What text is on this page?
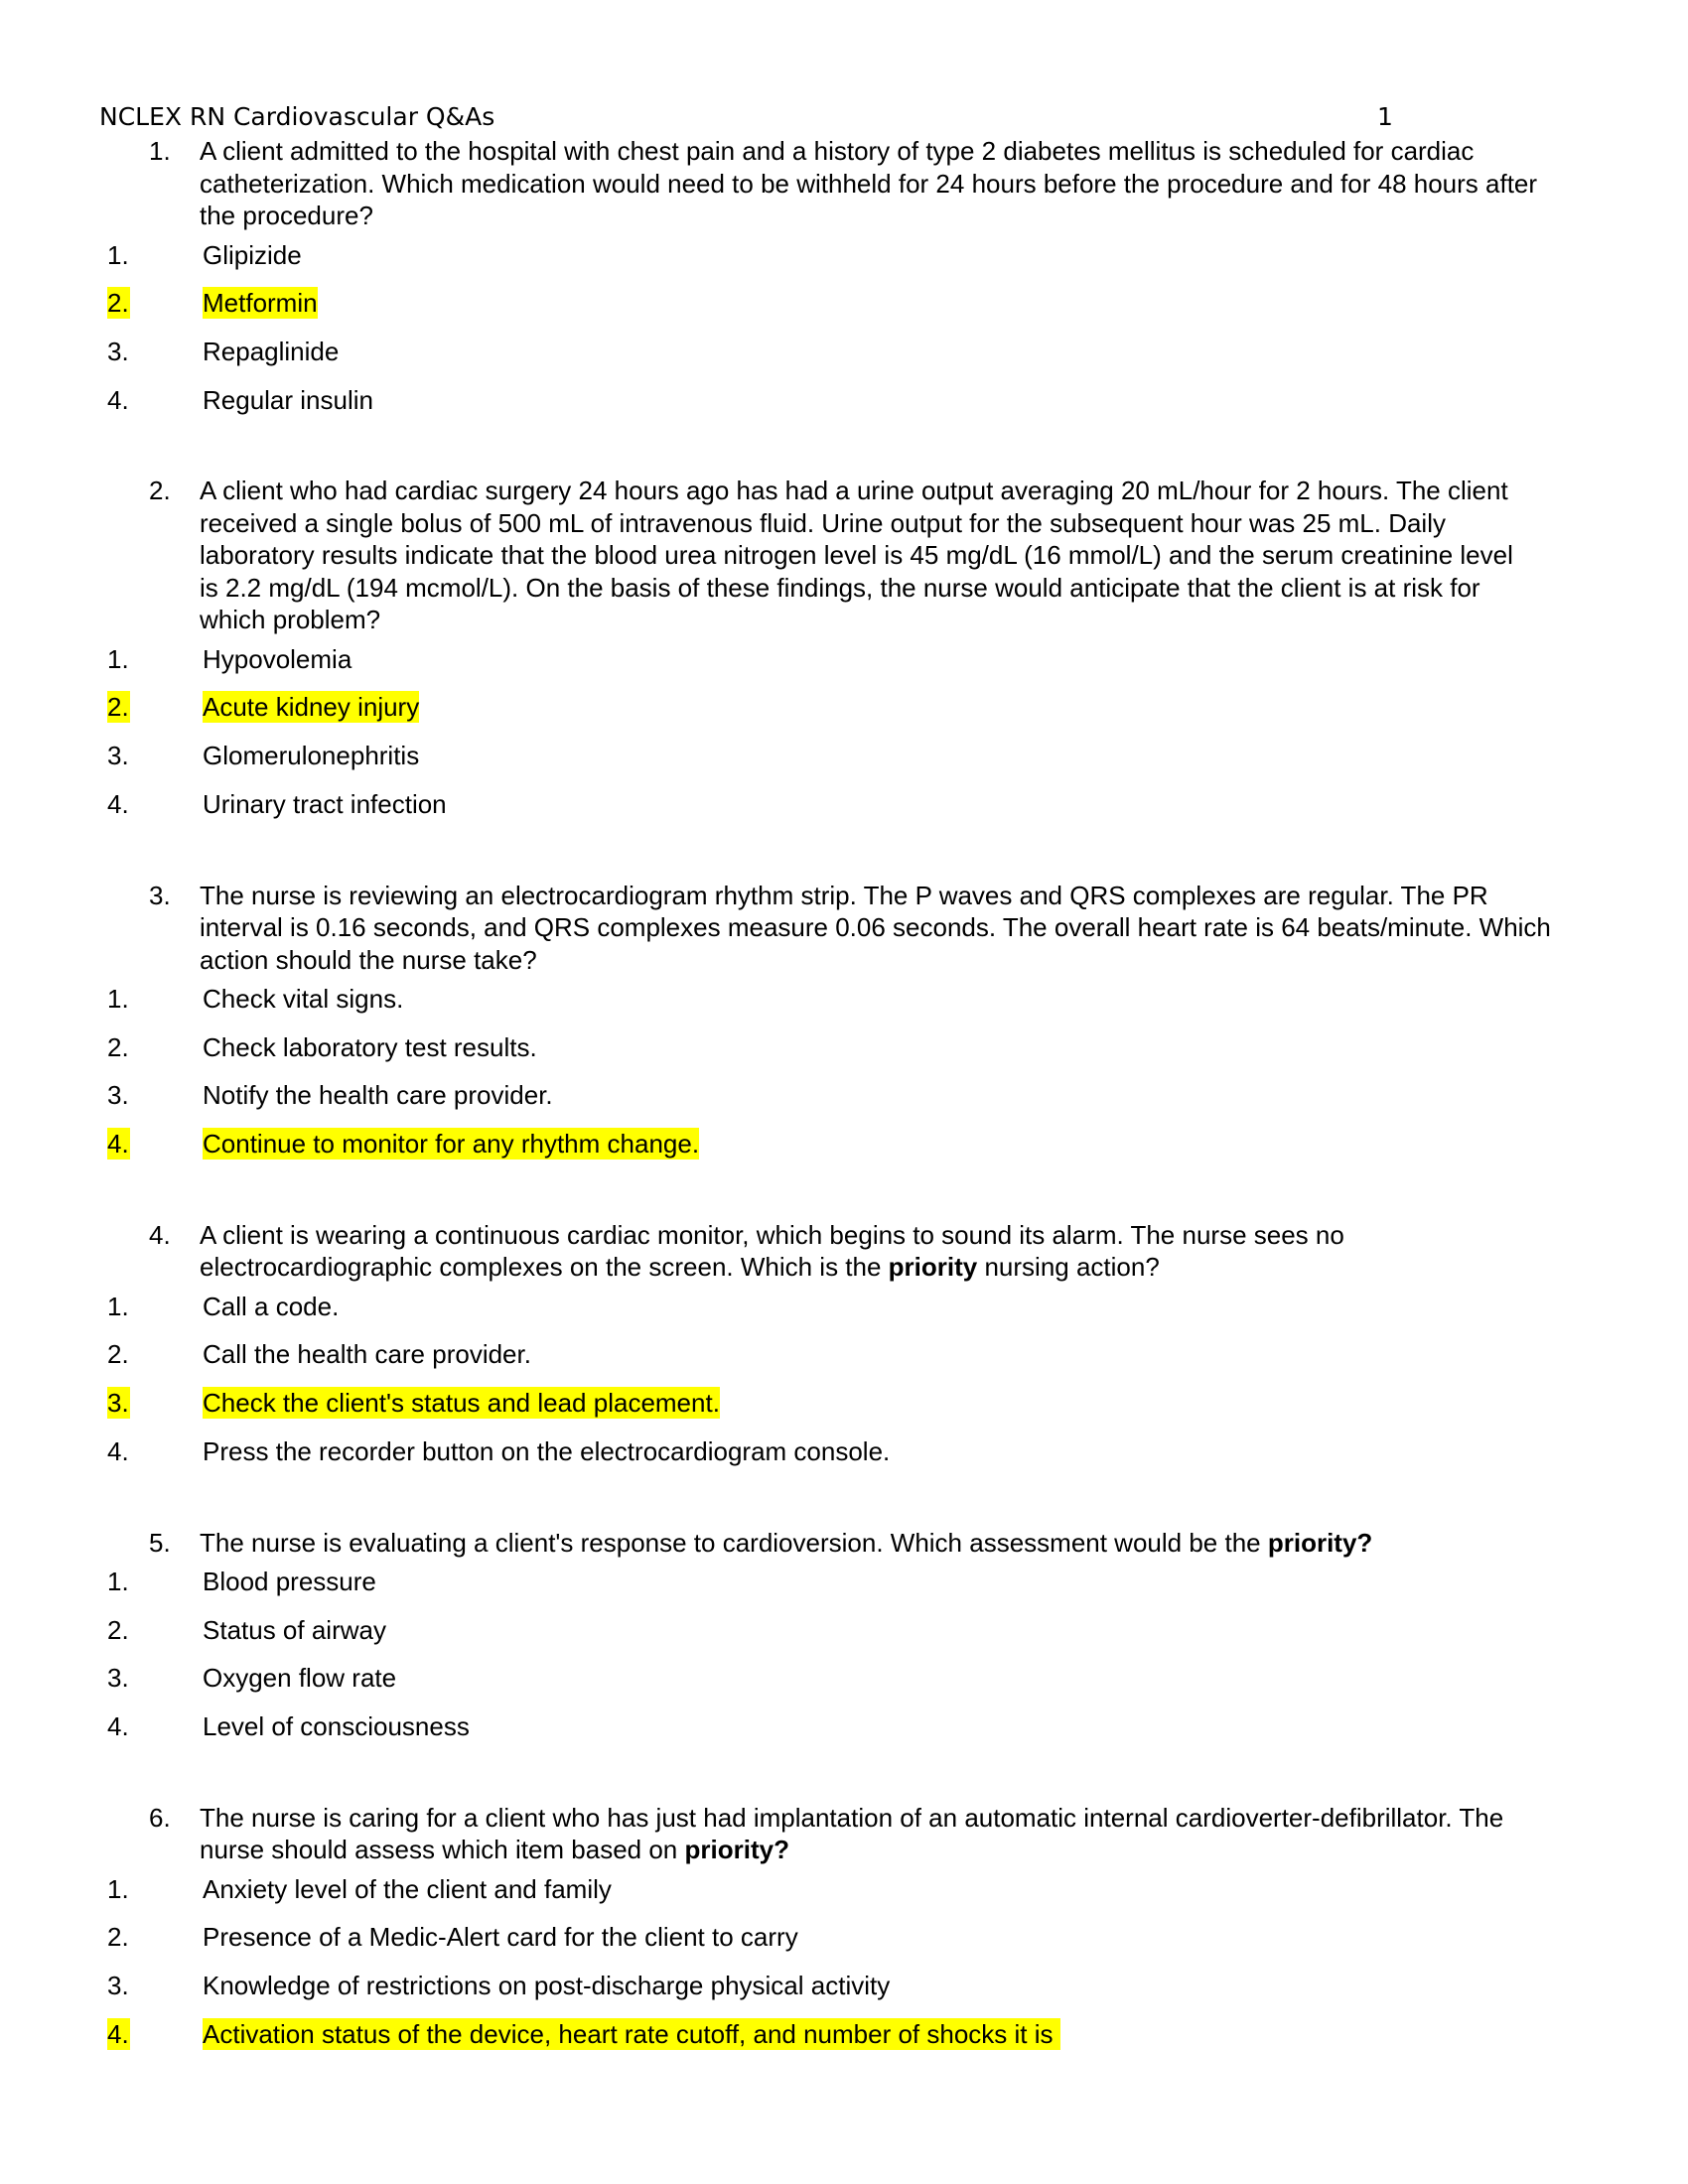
NCLEX RN Cardiovascular Q&As	1
1. A client admitted to the hospital with chest pain and a history of type 2 diabetes mellitus is scheduled for cardiac catheterization. Which medication would need to be withheld for 24 hours before the procedure and for 48 hours after the procedure?
1.	Glipizide
2.	Metformin
3.	Repaglinide
4.	Regular insulin
2. A client who had cardiac surgery 24 hours ago has had a urine output averaging 20 mL/hour for 2 hours. The client received a single bolus of 500 mL of intravenous fluid. Urine output for the subsequent hour was 25 mL. Daily laboratory results indicate that the blood urea nitrogen level is 45 mg/dL (16 mmol/L) and the serum creatinine level is 2.2 mg/dL (194 mcmol/L). On the basis of these findings, the nurse would anticipate that the client is at risk for which problem?
1.	Hypovolemia
2.	Acute kidney injury
3.	Glomerulonephritis
4.	Urinary tract infection
3. The nurse is reviewing an electrocardiogram rhythm strip. The P waves and QRS complexes are regular. The PR interval is 0.16 seconds, and QRS complexes measure 0.06 seconds. The overall heart rate is 64 beats/minute. Which action should the nurse take?
1.	Check vital signs.
2.	Check laboratory test results.
3.	Notify the health care provider.
4.	Continue to monitor for any rhythm change.
4. A client is wearing a continuous cardiac monitor, which begins to sound its alarm. The nurse sees no electrocardiographic complexes on the screen. Which is the priority nursing action?
1.	Call a code.
2.	Call the health care provider.
3.	Check the client's status and lead placement.
4.	Press the recorder button on the electrocardiogram console.
5. The nurse is evaluating a client's response to cardioversion. Which assessment would be the priority?
1.	Blood pressure
2.	Status of airway
3.	Oxygen flow rate
4.	Level of consciousness
6. The nurse is caring for a client who has just had implantation of an automatic internal cardioverter-defibrillator. The nurse should assess which item based on priority?
1.	Anxiety level of the client and family
2.	Presence of a Medic-Alert card for the client to carry
3.	Knowledge of restrictions on post-discharge physical activity
4.	Activation status of the device, heart rate cutoff, and number of shocks it is
